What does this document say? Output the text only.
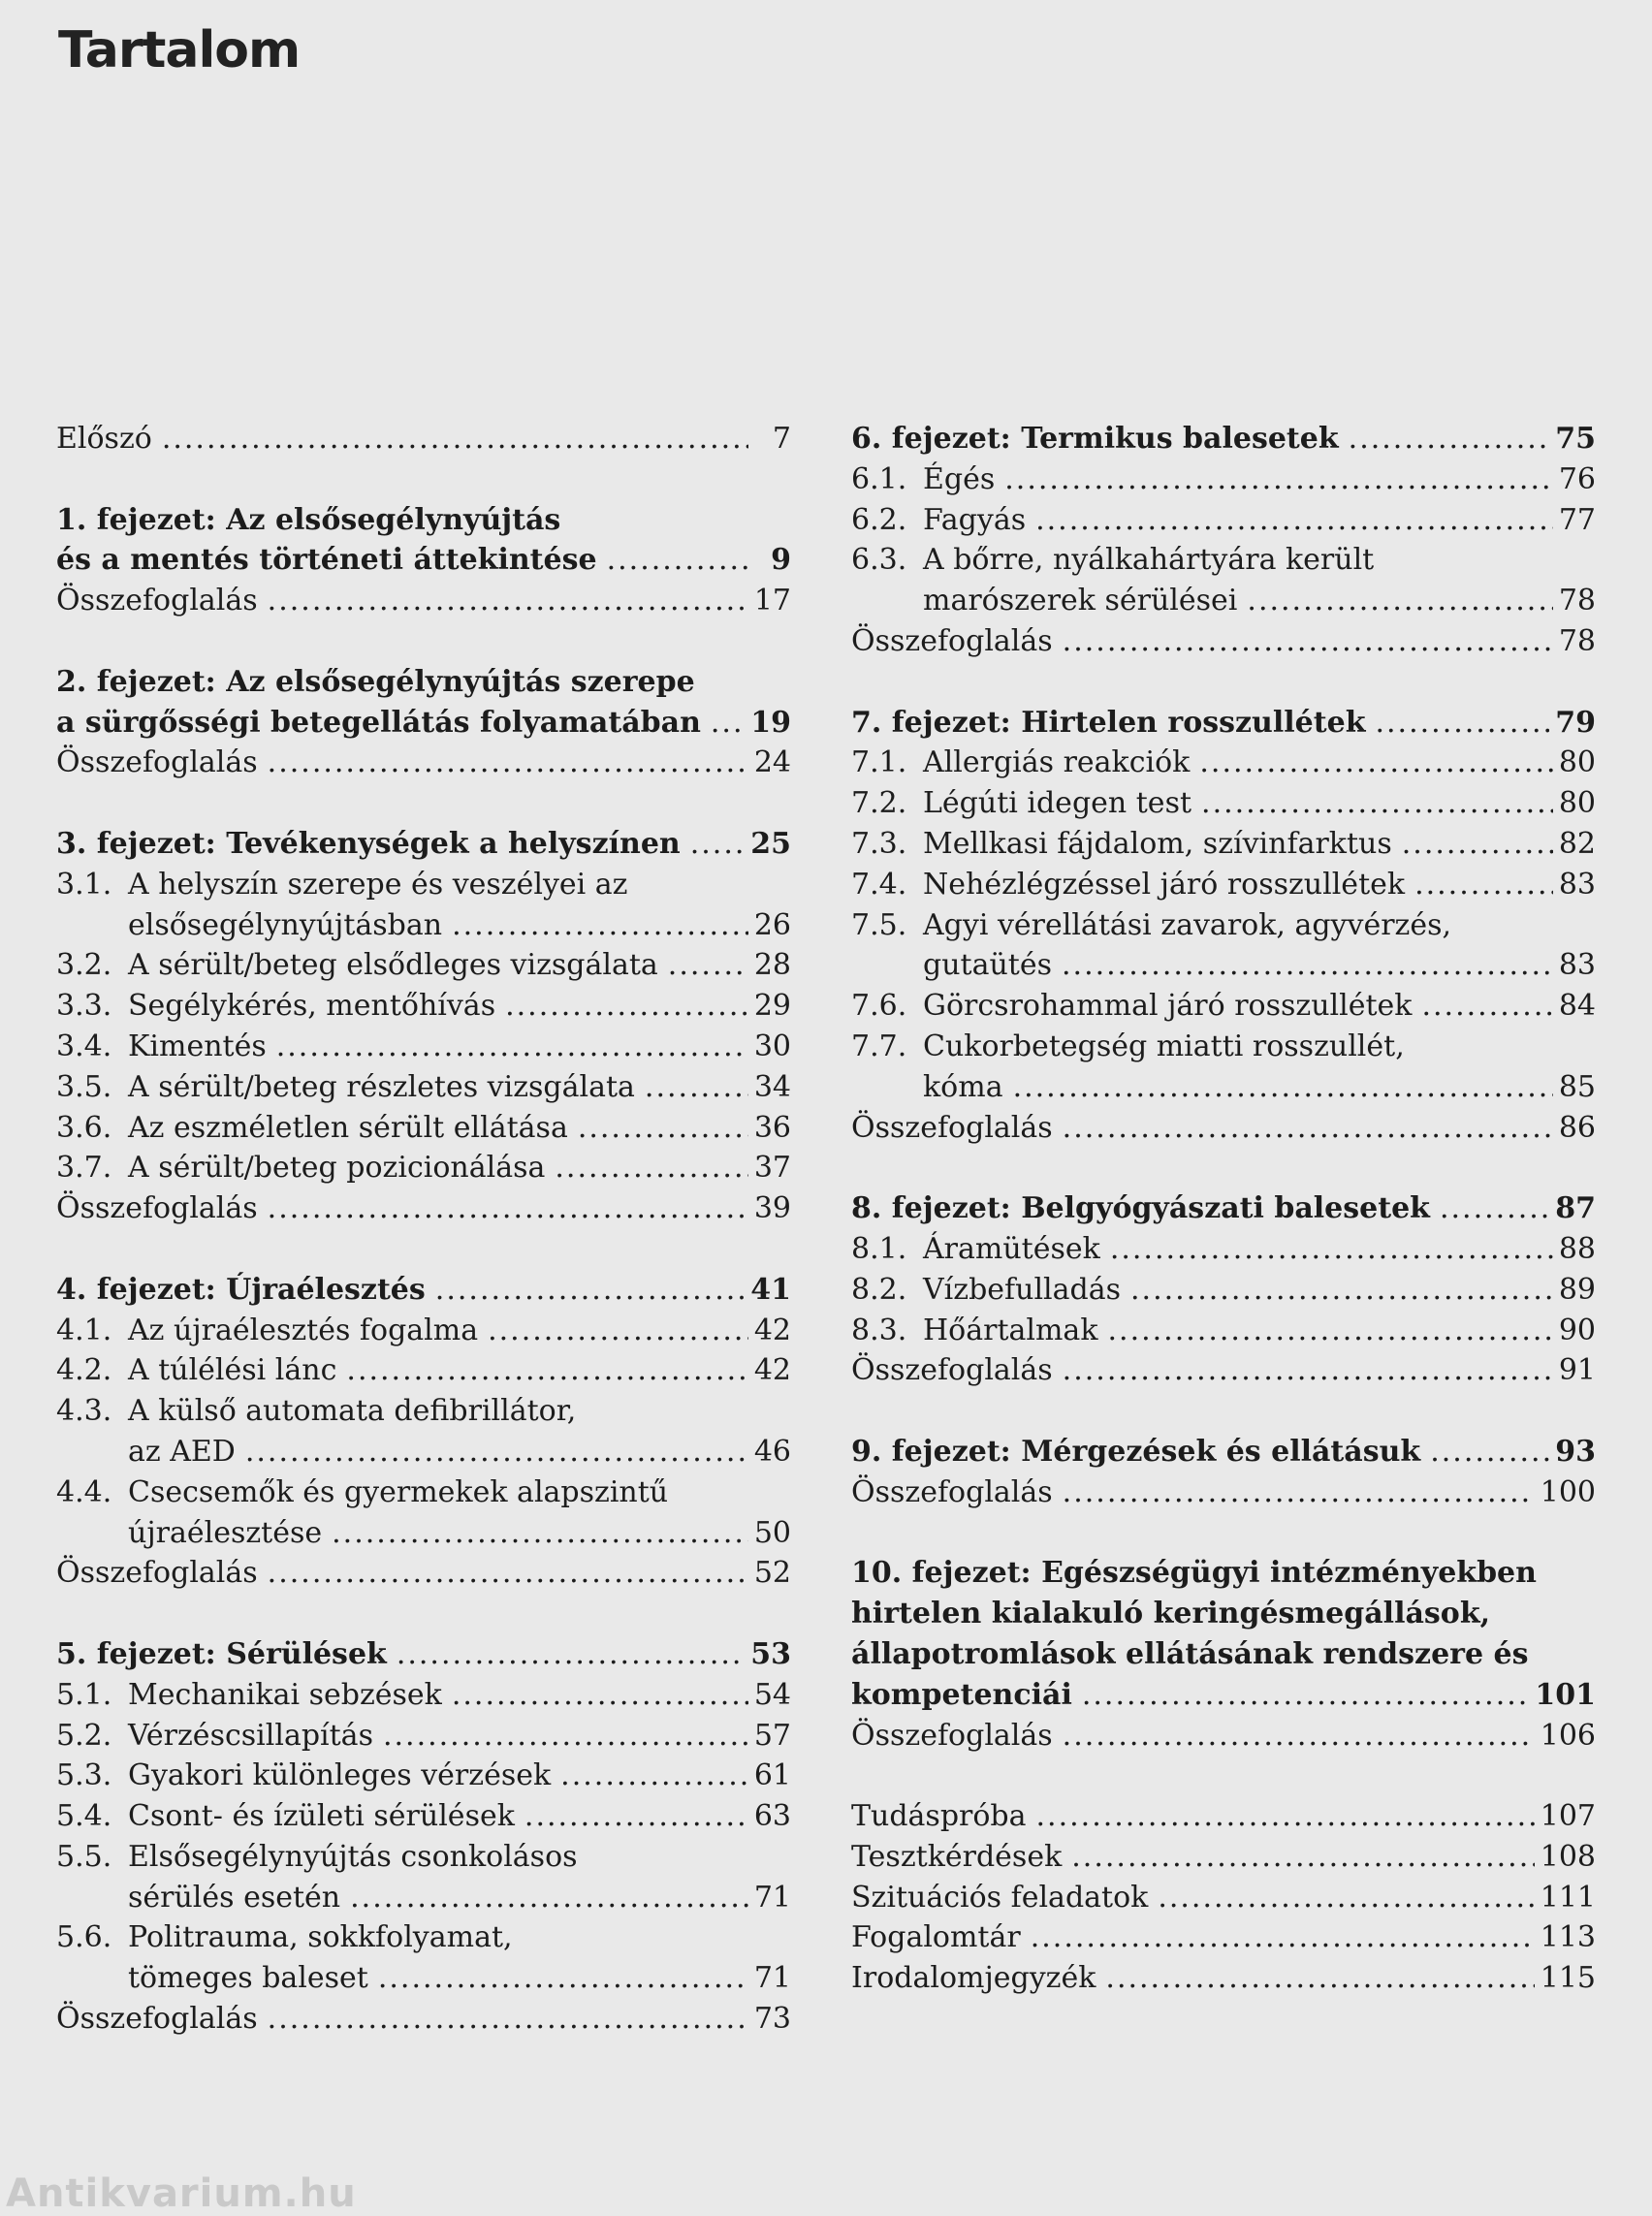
Tartalom
Előszó .....	7
1. fejezet: Az elsősegélynyújtás
és a mentés történeti áttekintése .....	9
Összefoglalás .....	17
2. fejezet: Az elsősegélynyújtás szerepe
a sürgősségi betegellátás folyamatában ..... 19
Összefoglalás .....	24
3. fejezet: Tevékenységek a helyszínen ..... 25
3.1. A helyszín szerepe és veszélyei az
elsősegélynyújtásban .....	26
3.2. A sérült/beteg elsődleges vizsgálata .....	28
3.3. Segélykérés, mentőhívás .....	29
3.4. Kimentés .....	30
3.5. A sérült/beteg részletes vizsgálata .....	34
3.6. Az eszméletlen sérült ellátása .....	36
3.7. A sérült/beteg pozicionálása .....	37
Összefoglalás .....	39
4. fejezet: Újraélesztés .....	41
4.1. Az újraélesztés fogalma .....	42
4.2. A túlélési lánc .....	42
4.3. A külső automata defibrillátor,
az AED .....	46
4.4. Csecsemők és gyermekek alapszintű
újraélesztése .....	50
Összefoglalás .....	52
5. fejezet: Sérülések .....	53
5.1. Mechanikai sebzések .....	54
5.2. Vérzéscsillapítás .....	57
5.3. Gyakori különleges vérzések .....	61
5.4. Csont- és ízületi sérülések .....	63
5.5. Elsősegélynyújtás csonkolásos
sérülés esetén .....	71
5.6. Politrauma, sokkfolyamat,
tömeges baleset .....	71
Összefoglalás .....	73
6. fejezet: Termikus balesetek .....	75
6.1. Égés .....	76
6.2. Fagyás .....	77
6.3. A bőrre, nyálkahártyára került
marószerek sérülései .....	78
Összefoglalás .....	78
7. fejezet: Hirtelen rosszullétek .....	79
7.1. Allergiás reakciók .....	80
7.2. Légúti idegen test .....	80
7.3. Mellkasi fájdalom, szívinfarktus .....	82
7.4. Nehézlégzéssel járó rosszullétek .....	83
7.5. Agyi vérellátási zavarok, agyvérzés,
gutaütés .....	83
7.6. Görcsrohammal járó rosszullétek .....	84
7.7. Cukorbetegség miatti rosszullét,
kóma .....	85
Összefoglalás .....	86
8. fejezet: Belgyógyászati balesetek .....	87
8.1. Áramütések .....	88
8.2. Vízbefulladás .....	89
8.3. Hőártalmak .....	90
Összefoglalás .....	91
9. fejezet: Mérgezések és ellátásuk .....	93
Összefoglalás .....	100
10. fejezet: Egészségügyi intézményekben
hirtelen kialakuló keringésmegállások,
állapotromlások ellátásának rendszere és
kompetenciái .....	101
Összefoglalás .....	106
Tudáspróba .....	107
Tesztkérdések .....	108
Szituációs feladatok .....	111
Fogalomtár .....	113
Irodalomjegyzék .....	115
Antikvarium.hu
